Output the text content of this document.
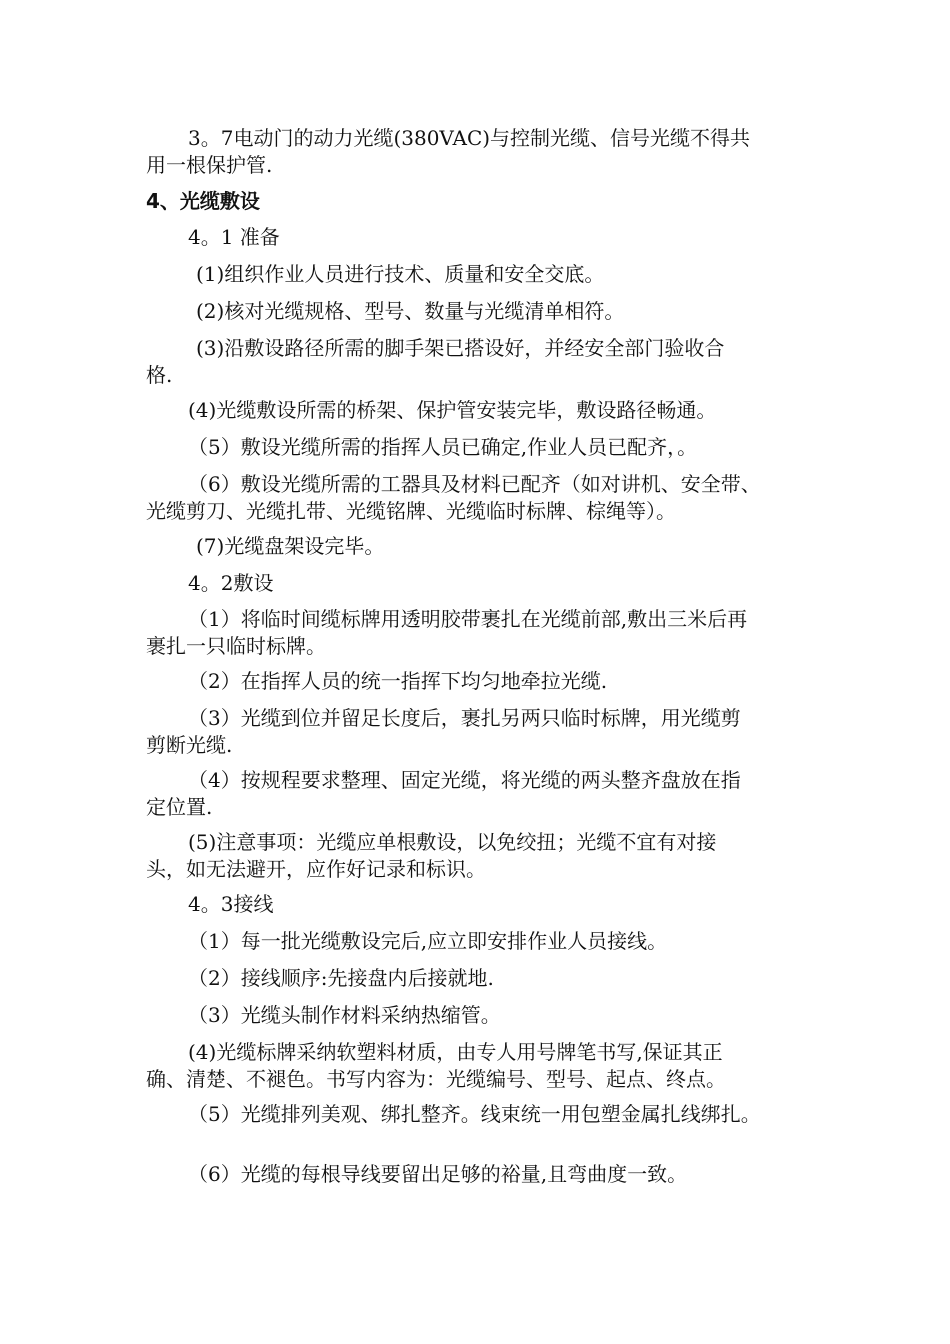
3。7电动门的动力光缆(380VAC)与控制光缆、信号光缆不得共
用一根保护管.
4、光缆敷设
4。1 准备
(1)组织作业人员进行技术、质量和安全交底。
(2)核对光缆规格、型号、数量与光缆清单相符。
(3)沿敷设路径所需的脚手架已搭设好，并经安全部门验收合
格.
(4)光缆敷设所需的桥架、保护管安装完毕，敷设路径畅通。
（5）敷设光缆所需的指挥人员已确定,作业人员已配齐，。
（6）敷设光缆所需的工器具及材料已配齐（如对讲机、安全带、
光缆剪刀、光缆扎带、光缆铭牌、光缆临时标牌、棕绳等）。
(7)光缆盘架设完毕。
4。2敷设
（1）将临时间缆标牌用透明胶带裹扎在光缆前部,敷出三米后再
裹扎一只临时标牌。
（2）在指挥人员的统一指挥下均匀地牵拉光缆.
（3）光缆到位并留足长度后，裹扎另两只临时标牌，用光缆剪
剪断光缆.
（4）按规程要求整理、固定光缆，将光缆的两头整齐盘放在指
定位置.
(5)注意事项：光缆应单根敷设，以免绞扭；光缆不宜有对接
头，如无法避开，应作好记录和标识。
4。3接线
（1）每一批光缆敷设完后,应立即安排作业人员接线。
（2）接线顺序:先接盘内后接就地.
（3）光缆头制作材料采纳热缩管。
(4)光缆标牌采纳软塑料材质，由专人用号牌笔书写,保证其正
确、清楚、不褪色。书写内容为：光缆编号、型号、起点、终点。
（5）光缆排列美观、绑扎整齐。线束统一用包塑金属扎线绑扎。
（6）光缆的每根导线要留出足够的裕量,且弯曲度一致。
